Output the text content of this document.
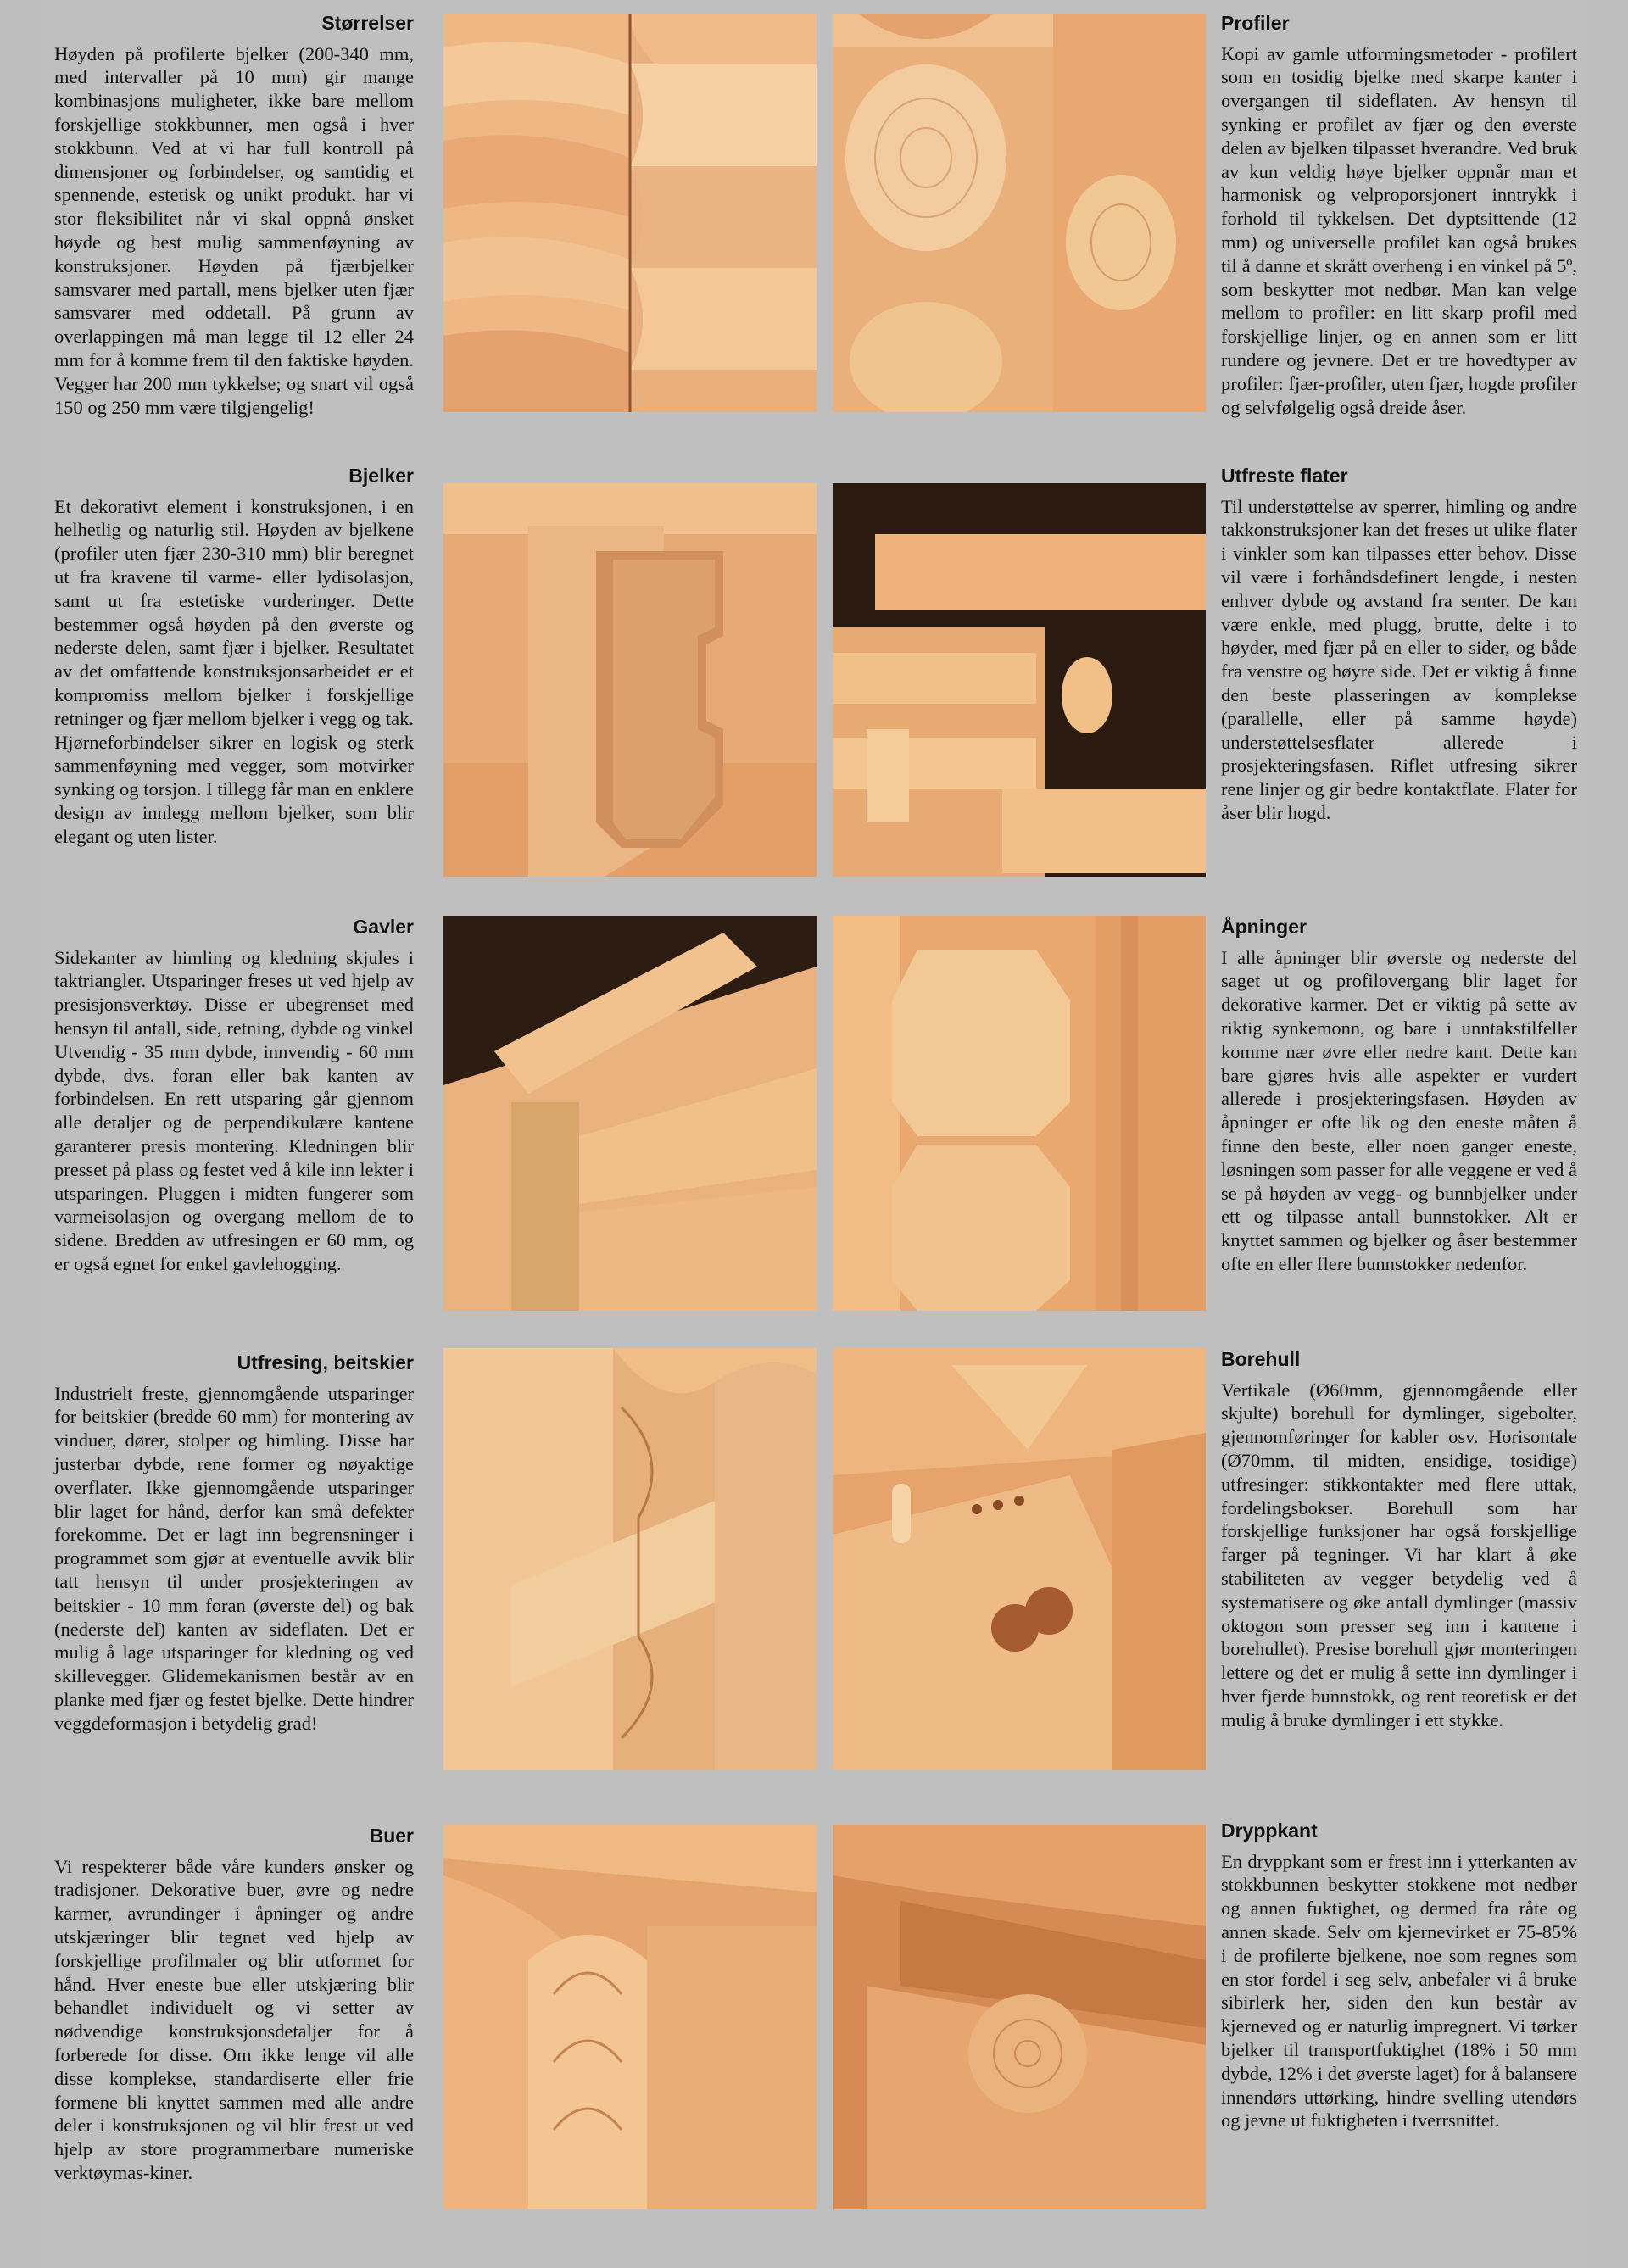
Størrelser

Høyden på profilerte bjelker (200-340 mm, med intervaller på 10 mm) gir mange kombinasjons muligheter, ikke bare mellom forskjellige stokkbunner, men også i hver stokkbunn. Ved at vi har full kontroll på dimensjoner og forbindelser, og samtidig et spennende, estetisk og unikt produkt, har vi stor fleksibilitet når vi skal oppnå ønsket høyde og best mulig sammenføyning av konstruksjoner. Høyden på fjærbjelker samsvarer med partall, mens bjelker uten fjær samsvarer med oddetall. På grunn av overlappingen må man legge til 12 eller 24 mm for å komme frem til den faktiske høyden. Vegger har 200 mm tykkelse; og snart vil også 150 og 250 mm være tilgjengelig!

Profiler

Kopi av gamle utformingsmetoder - profilert som en tosidig bjelke med skarpe kanter i overgangen til sideflaten. Av hensyn til synking er profilet av fjær og den øverste delen av bjelken tilpasset hverandre. Ved bruk av kun veldig høye bjelker oppnår man et harmonisk og velproporsjonert inntrykk i forhold til tykkelsen. Det dyptsittende (12 mm) og universelle profilet kan også brukes til å danne et skrått overheng i en vinkel på 5º, som beskytter mot nedbør. Man kan velge mellom to profiler: en litt skarp profil med forskjellige linjer, og en annen som er litt rundere og jevnere. Det er tre hovedtyper av profiler: fjær-profiler, uten fjær, hogde profiler og selvfølgelig også dreide åser.

Bjelker

Et dekorativt element i konstruksjonen, i en helhetlig og naturlig stil. Høyden av bjelkene (profiler uten fjær 230-310 mm) blir beregnet ut fra kravene til varme- eller lydisolasjon, samt ut fra estetiske vurderinger. Dette bestemmer også høyden på den øverste og nederste delen, samt fjær i bjelker. Resultatet av det omfattende konstruksjonsarbeidet er et kompromiss mellom bjelker i forskjellige retninger og fjær mellom bjelker i vegg og tak. Hjørneforbindelser sikrer en logisk og sterk sammenføyning med vegger, som motvirker synking og torsjon. I tillegg får man en enklere design av innlegg mellom bjelker, som blir elegant og uten lister.

Utfreste flater

Til understøttelse av sperrer, himling og andre takkonstruksjoner kan det freses ut ulike flater i vinkler som kan tilpasses etter behov. Disse vil være i forhåndsdefinert lengde, i nesten enhver dybde og avstand fra senter. De kan være enkle, med plugg, brutte, delte i to høyder, med fjær på en eller to sider, og både fra venstre og høyre side. Det er viktig å finne den beste plasseringen av komplekse (parallelle, eller på samme høyde) understøttelsesflater allerede i prosjekteringsfasen. Riflet utfresing sikrer rene linjer og gir bedre kontaktflate. Flater for åser blir hogd.

Gavler

Sidekanter av himling og kledning skjules i taktriangler. Utsparinger freses ut ved hjelp av presisjonsverktøy. Disse er ubegrenset med hensyn til antall, side, retning, dybde og vinkel Utvendig - 35 mm dybde, innvendig - 60 mm dybde, dvs. foran eller bak kanten av forbindelsen. En rett utsparing går gjennom alle detaljer og de perpendikulære kantene garanterer presis montering. Kledningen blir presset på plass og festet ved å kile inn lekter i utsparingen. Pluggen i midten fungerer som varmeisolasjon og overgang mellom de to sidene. Bredden av utfresingen er 60 mm, og er også egnet for enkel gavlehogging.

Åpninger

I alle åpninger blir øverste og nederste del saget ut og profilovergang blir laget for dekorative karmer. Det er viktig på sette av riktig synkemonn, og bare i unntakstilfeller komme nær øvre eller nedre kant. Dette kan bare gjøres hvis alle aspekter er vurdert allerede i prosjekteringsfasen. Høyden av åpninger er ofte lik og den eneste måten å finne den beste, eller noen ganger eneste, løsningen som passer for alle veggene er ved å se på høyden av vegg- og bunnbjelker under ett og tilpasse antall bunnstokker. Alt er knyttet sammen og bjelker og åser bestemmer ofte en eller flere bunnstokker nedenfor.

Utfresing, beitskier

Industrielt freste, gjennomgående utsparinger for beitskier (bredde 60 mm) for montering av vinduer, dører, stolper og himling. Disse har justerbar dybde, rene former og nøyaktige overflater. Ikke gjennomgående utsparinger blir laget for hånd, derfor kan små defekter forekomme. Det er lagt inn begrensninger i programmet som gjør at eventuelle avvik blir tatt hensyn til under prosjekteringen av beitskier - 10 mm foran (øverste del) og bak (nederste del) kanten av sideflaten. Det er mulig å lage utsparinger for kledning og ved skillevegger. Glidemekanismen består av en planke med fjær og festet bjelke. Dette hindrer veggdeformasjon i betydelig grad!

Borehull

Vertikale (Ø60mm, gjennomgående eller skjulte) borehull for dymlinger, sigebolter, gjennomføringer for kabler osv. Horisontale (Ø70mm, til midten, ensidige, tosidige) utfresinger: stikkontakter med flere uttak, fordelingsbokser. Borehull som har forskjellige funksjoner har også forskjellige farger på tegninger. Vi har klart å øke stabiliteten av vegger betydelig ved å systematisere og øke antall dymlinger (massiv oktogon som presser seg inn i kantene i borehullet). Presise borehull gjør monteringen lettere og det er mulig å sette inn dymlinger i hver fjerde bunnstokk, og rent teoretisk er det mulig å bruke dymlinger i ett stykke.

Buer

Vi respekterer både våre kunders ønsker og tradisjoner. Dekorative buer, øvre og nedre karmer, avrundinger i åpninger og andre utskjæringer blir tegnet ved hjelp av forskjellige profilmaler og blir utformet for hånd. Hver eneste bue eller utskjæring blir behandlet individuelt og vi setter av nødvendige konstruksjonsdetaljer for å forberede for disse. Om ikke lenge vil alle disse komplekse, standardiserte eller frie formene bli knyttet sammen med alle andre deler i konstruksjonen og vil blir frest ut ved hjelp av store programmerbare numeriske verktøymas-kiner.

Dryppkant

En dryppkant som er frest inn i ytterkanten av stokkbunnen beskytter stokkene mot nedbør og annen fuktighet, og dermed fra råte og annen skade. Selv om kjernevirket er 75-85% i de profilerte bjelkene, noe som regnes som en stor fordel i seg selv, anbefaler vi å bruke sibirlerk her, siden den kun består av kjerneved og er naturlig impregnert. Vi tørker bjelker til transportfuktighet (18% i 50 mm dybde, 12% i det øverste laget) for å balansere innendørs uttørking, hindre svelling utendørs og jevne ut fuktigheten i tverrsnittet.
